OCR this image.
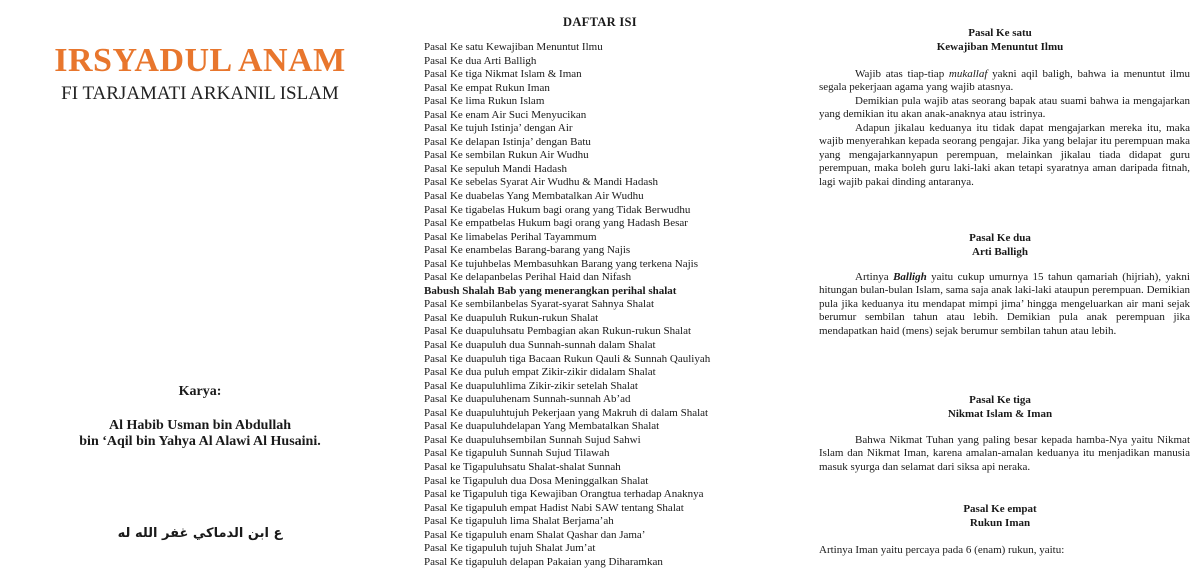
IRSYADUL ANAM
FI TARJAMATI ARKANIL ISLAM
Karya:
Al Habib Usman bin Abdullah
bin ‘Aqil bin Yahya Al Alawi Al Husaini.
ع ابن الدماكي غفر الله له
DAFTAR ISI
Pasal Ke satu Kewajiban Menuntut Ilmu
Pasal Ke dua Arti Balligh
Pasal Ke tiga Nikmat Islam & Iman
Pasal Ke empat Rukun Iman
Pasal Ke lima Rukun Islam
Pasal Ke enam Air Suci Menyucikan
Pasal Ke tujuh Istinja’ dengan Air
Pasal Ke delapan Istinja’ dengan Batu
Pasal Ke sembilan Rukun Air Wudhu
Pasal Ke sepuluh Mandi Hadash
Pasal Ke sebelas Syarat Air Wudhu & Mandi Hadash
Pasal Ke duabelas Yang Membatalkan Air Wudhu
Pasal Ke tigabelas Hukum bagi orang yang Tidak Berwudhu
Pasal Ke empatbelas Hukum bagi orang yang Hadash Besar
Pasal Ke limabelas Perihal Tayammum
Pasal Ke enambelas Barang-barang yang Najis
Pasal Ke tujuhbelas Membasuhkan Barang yang terkena Najis
Pasal Ke delapanbelas Perihal Haid dan Nifash
Babush Shalah Bab yang menerangkan perihal shalat
Pasal Ke sembilanbelas Syarat-syarat Sahnya Shalat
Pasal Ke duapuluh Rukun-rukun Shalat
Pasal Ke duapuluhsatu Pembagian akan Rukun-rukun Shalat
Pasal Ke duapuluh dua Sunnah-sunnah dalam Shalat
Pasal Ke duapuluh tiga Bacaan Rukun Qauli & Sunnah Qauliyah
Pasal Ke dua puluh empat Zikir-zikir didalam Shalat
Pasal Ke duapuluhlima Zikir-zikir setelah Shalat
Pasal Ke duapuluhenam Sunnah-sunnah Ab’ad
Pasal Ke duapuluhtujuh Pekerjaan yang Makruh di dalam Shalat
Pasal Ke duapuluhdelapan Yang Membatalkan Shalat
Pasal Ke duapuluhsembilan Sunnah Sujud Sahwi
Pasal Ke tigapuluh Sunnah Sujud Tilawah
Pasal ke Tigapuluhsatu Shalat-shalat Sunnah
Pasal ke Tigapuluh dua Dosa Meninggalkan Shalat
Pasal ke Tigapuluh tiga Kewajiban Orangtua terhadap Anaknya
Pasal Ke tigapuluh empat Hadist Nabi SAW tentang Shalat
Pasal Ke tigapuluh lima Shalat Berjama’ah
Pasal Ke tigapuluh enam Shalat Qashar dan Jama’
Pasal Ke tigapuluh tujuh Shalat Jum’at
Pasal Ke tigapuluh delapan Pakaian yang Diharamkan
Pasal Ke satu
Kewajiban Menuntut Ilmu
Wajib atas tiap-tiap mukallaf yakni aqil baligh, bahwa ia menuntut ilmu segala pekerjaan agama yang wajib atasnya.
Demikian pula wajib atas seorang bapak atau suami bahwa ia mengajarkan yang demikian itu akan anak-anaknya atau istrinya.
Adapun jikalau keduanya itu tidak dapat mengajarkan mereka itu, maka wajib menyerahkan kepada seorang pengajar. Jika yang belajar itu perempuan maka yang mengajarkannyapun perempuan, melainkan jikalau tiada didapat guru perempuan, maka boleh guru laki-laki akan tetapi syaratnya aman daripada fitnah, lagi wajib pakai dinding antaranya.
Pasal Ke dua
Arti Balligh
Artinya Balligh yaitu cukup umurnya 15 tahun qamariah (hijriah), yakni hitungan bulan-bulan Islam, sama saja anak laki-laki ataupun perempuan. Demikian pula jika keduanya itu mendapat mimpi jima’ hingga mengeluarkan air mani sejak berumur sembilan tahun atau lebih. Demikian pula anak perempuan jika mendapatkan haid (mens) sejak berumur sembilan tahun atau lebih.
Pasal Ke tiga
Nikmat Islam & Iman
Bahwa Nikmat Tuhan yang paling besar kepada hamba-Nya yaitu Nikmat Islam dan Nikmat Iman, karena amalan-amalan keduanya itu menjadikan manusia masuk syurga dan selamat dari siksa api neraka.
Pasal Ke empat
Rukun Iman
Artinya Iman yaitu percaya pada 6 (enam) rukun, yaitu:
